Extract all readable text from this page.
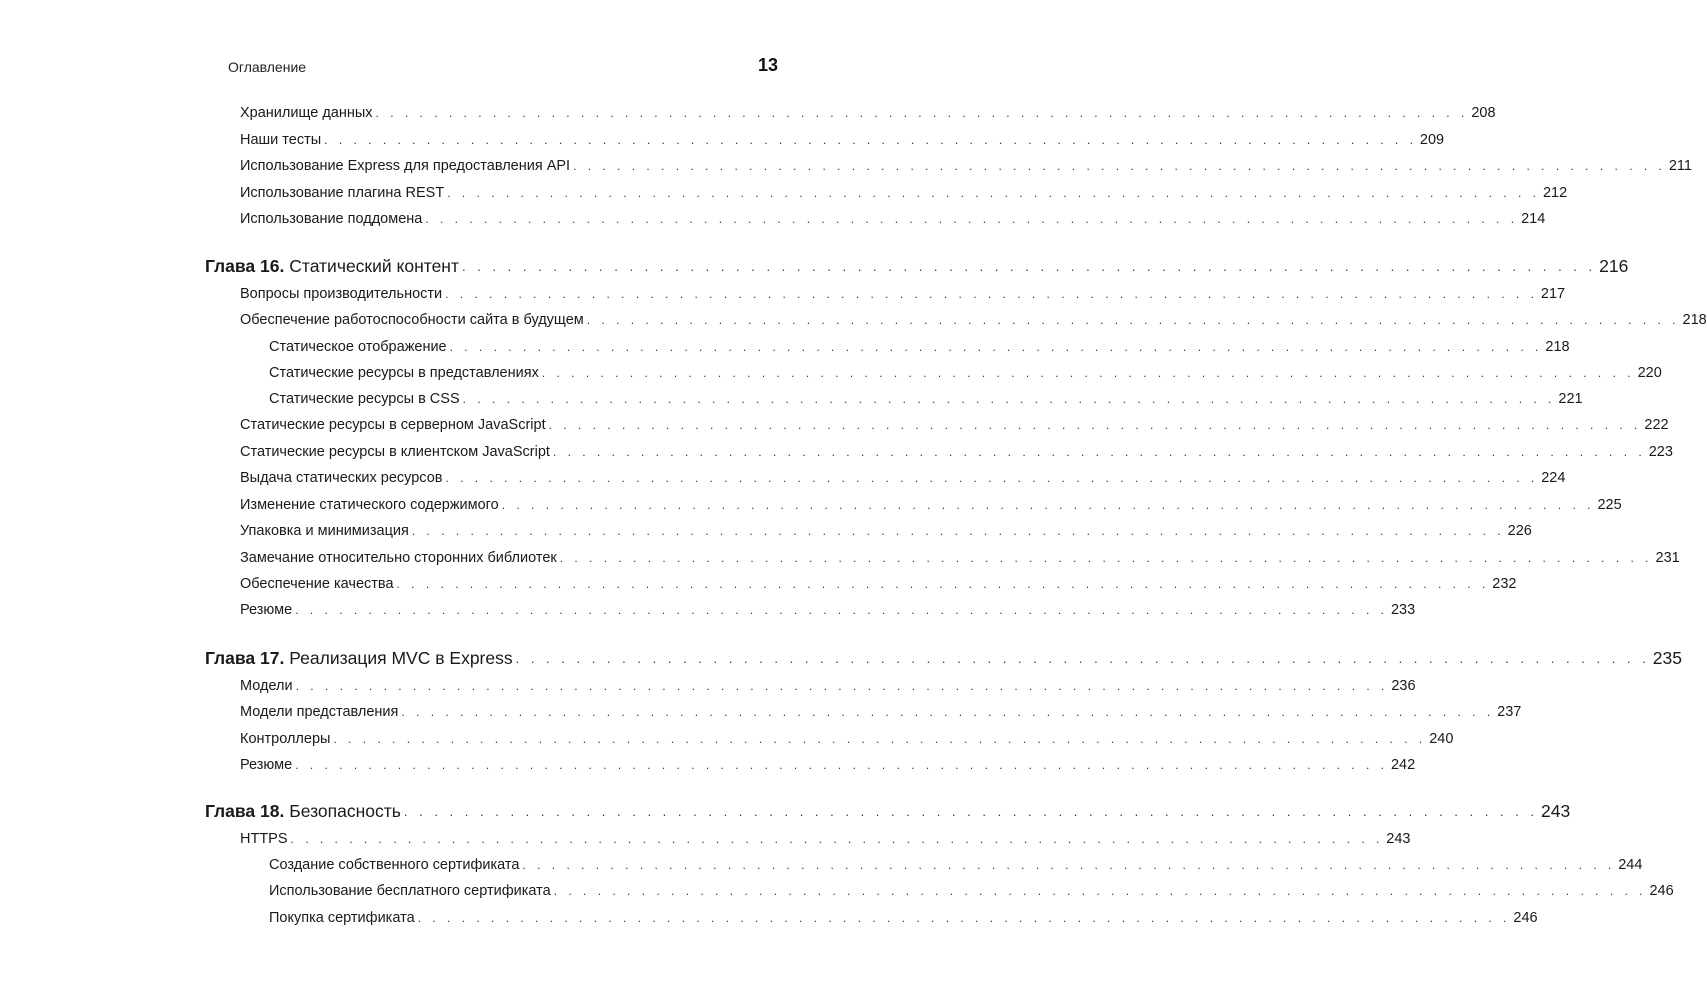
Оглавление	13
Хранилище данных . . . . . . . . . . . . . . . . . . . . . . . . . . . . . . . . . . . . . . . . . . . . . . . . . . . . . . . . . . . . . . . . . . . . . . . . . . . 208
Наши тесты . . . . . . . . . . . . . . . . . . . . . . . . . . . . . . . . . . . . . . . . . . . . . . . . . . . . . . . . . . . . . . . . . . . . . . . . . . . 209
Использование Express для предоставления API . . . . . . . . . . . . . . . . . . . . . . . . . . . . . . . . . . . . . . . . . . . . . . . . . . . . . . . . . . . . . . . . . . . . . . . . . . . 211
Использование плагина REST . . . . . . . . . . . . . . . . . . . . . . . . . . . . . . . . . . . . . . . . . . . . . . . . . . . . . . . . . . . . . . . . . . . . . . . . . . . 212
Использование поддомена . . . . . . . . . . . . . . . . . . . . . . . . . . . . . . . . . . . . . . . . . . . . . . . . . . . . . . . . . . . . . . . . . . . . . . . . . . . 214
Глава 16. Статический контент . . . . . . . . . . . . . . . . . . . . . . . . . . . . . . . . . . . . . . . . . . . . . . . . . . . . . . . . . . . . . . . . . . . . . . . . . . . 216
Вопросы производительности . . . . . . . . . . . . . . . . . . . . . . . . . . . . . . . . . . . . . . . . . . . . . . . . . . . . . . . . . . . . . . . . . . . . . . . . . . . 217
Обеспечение работоспособности сайта в будущем . . . . . . . . . . . . . . . . . . . . . . . . . . . . . . . . . . . . . . . . . . . . . . . . . . . . . . . . . . . . . . . . . . . . . . . . . . . 218
Статическое отображение . . . . . . . . . . . . . . . . . . . . . . . . . . . . . . . . . . . . . . . . . . . . . . . . . . . . . . . . . . . . . . . . . . . . . . . . . . . 218
Статические ресурсы в представлениях . . . . . . . . . . . . . . . . . . . . . . . . . . . . . . . . . . . . . . . . . . . . . . . . . . . . . . . . . . . . . . . . . . . . . . . . . . . 220
Статические ресурсы в CSS . . . . . . . . . . . . . . . . . . . . . . . . . . . . . . . . . . . . . . . . . . . . . . . . . . . . . . . . . . . . . . . . . . . . . . . . . . . 221
Статические ресурсы в серверном JavaScript . . . . . . . . . . . . . . . . . . . . . . . . . . . . . . . . . . . . . . . . . . . . . . . . . . . . . . . . . . . . . . . . . . . . . . . . . . . 222
Статические ресурсы в клиентском JavaScript . . . . . . . . . . . . . . . . . . . . . . . . . . . . . . . . . . . . . . . . . . . . . . . . . . . . . . . . . . . . . . . . . . . . . . . . . . . 223
Выдача статических ресурсов . . . . . . . . . . . . . . . . . . . . . . . . . . . . . . . . . . . . . . . . . . . . . . . . . . . . . . . . . . . . . . . . . . . . . . . . . . . 224
Изменение статического содержимого . . . . . . . . . . . . . . . . . . . . . . . . . . . . . . . . . . . . . . . . . . . . . . . . . . . . . . . . . . . . . . . . . . . . . . . . . . . 225
Упаковка и минимизация . . . . . . . . . . . . . . . . . . . . . . . . . . . . . . . . . . . . . . . . . . . . . . . . . . . . . . . . . . . . . . . . . . . . . . . . . . . 226
Замечание относительно сторонних библиотек . . . . . . . . . . . . . . . . . . . . . . . . . . . . . . . . . . . . . . . . . . . . . . . . . . . . . . . . . . . . . . . . . . . . . . . . . . . 231
Обеспечение качества . . . . . . . . . . . . . . . . . . . . . . . . . . . . . . . . . . . . . . . . . . . . . . . . . . . . . . . . . . . . . . . . . . . . . . . . . . . 232
Резюме . . . . . . . . . . . . . . . . . . . . . . . . . . . . . . . . . . . . . . . . . . . . . . . . . . . . . . . . . . . . . . . . . . . . . . . . . . . 233
Глава 17. Реализация MVC в Express . . . . . . . . . . . . . . . . . . . . . . . . . . . . . . . . . . . . . . . . . . . . . . . . . . . . . . . . . . . . . . . . . . . . . . . . . . . 235
Модели . . . . . . . . . . . . . . . . . . . . . . . . . . . . . . . . . . . . . . . . . . . . . . . . . . . . . . . . . . . . . . . . . . . . . . . . . . . 236
Модели представления . . . . . . . . . . . . . . . . . . . . . . . . . . . . . . . . . . . . . . . . . . . . . . . . . . . . . . . . . . . . . . . . . . . . . . . . . . . 237
Контроллеры . . . . . . . . . . . . . . . . . . . . . . . . . . . . . . . . . . . . . . . . . . . . . . . . . . . . . . . . . . . . . . . . . . . . . . . . . . . 240
Резюме . . . . . . . . . . . . . . . . . . . . . . . . . . . . . . . . . . . . . . . . . . . . . . . . . . . . . . . . . . . . . . . . . . . . . . . . . . . 242
Глава 18. Безопасность . . . . . . . . . . . . . . . . . . . . . . . . . . . . . . . . . . . . . . . . . . . . . . . . . . . . . . . . . . . . . . . . . . . . . . . . . . . 243
HTTPS . . . . . . . . . . . . . . . . . . . . . . . . . . . . . . . . . . . . . . . . . . . . . . . . . . . . . . . . . . . . . . . . . . . . . . . . . . . 243
Создание собственного сертификата . . . . . . . . . . . . . . . . . . . . . . . . . . . . . . . . . . . . . . . . . . . . . . . . . . . . . . . . . . . . . . . . . . . . . . . . . . . 244
Использование бесплатного сертификата . . . . . . . . . . . . . . . . . . . . . . . . . . . . . . . . . . . . . . . . . . . . . . . . . . . . . . . . . . . . . . . . . . . . . . . . . . . 246
Покупка сертификата . . . . . . . . . . . . . . . . . . . . . . . . . . . . . . . . . . . . . . . . . . . . . . . . . . . . . . . . . . . . . . . . . . . . . . . . . . . 246
